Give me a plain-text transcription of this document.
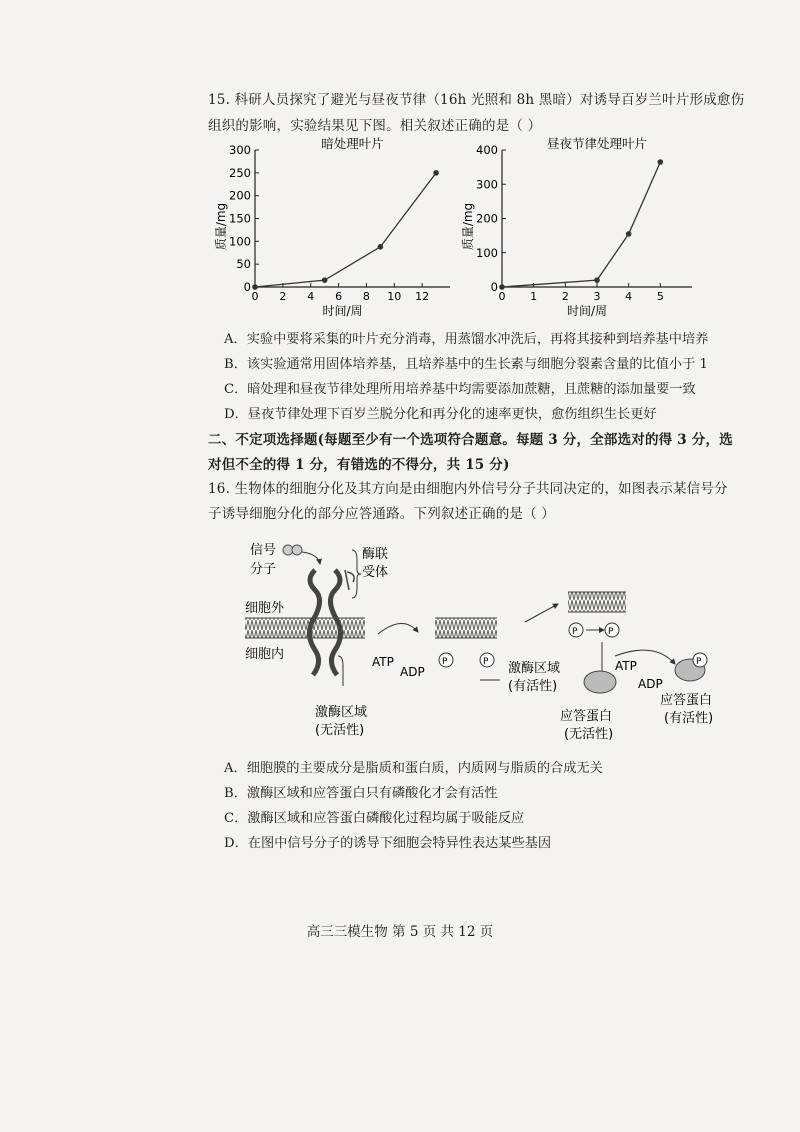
15. 科研人员探究了避光与昼夜节律（16h 光照和 8h 黑暗）对诱导百岁兰叶片形成愈伤
组织的影响，实验结果见下图。相关叙述正确的是（ ）
暗处理叶片
0
50
100
150
200
250
300
0 2 4 6 8 10 12
时间/周
质量/mg
昼夜节律处理叶片
0
100
200
300
400
0 1 2 3 4 5
时间/周
质量/mg
A．实验中要将采集的叶片充分消毒，用蒸馏水冲洗后，再将其接种到培养基中培养
B．该实验通常用固体培养基，且培养基中的生长素与细胞分裂素含量的比值小于 1
C．暗处理和昼夜节律处理所用培养基中均需要添加蔗糖，且蔗糖的添加量要一致
D．昼夜节律处理下百岁兰脱分化和再分化的速率更快，愈伤组织生长更好
二、不定项选择题(每题至少有一个选项符合题意。每题 3 分，全部选对的得 3 分，选
对但不全的得 1 分，有错选的不得分，共 15 分)
16. 生物体的细胞分化及其方向是由细胞内外信号分子共同决定的，如图表示某信号分
子诱导细胞分化的部分应答通路。下列叙述正确的是（ ）
信号
分子
细胞外
细胞内
酶联
受体
激酶区域
(无活性)
ATP
ADP
P	P 激酶区域
(有活性)
P	P
应答蛋白
(无活性)
ATP
ADP
P
应答蛋白
(有活性)
A．细胞膜的主要成分是脂质和蛋白质，内质网与脂质的合成无关
B．激酶区域和应答蛋白只有磷酸化才会有活性
C．激酶区域和应答蛋白磷酸化过程均属于吸能反应
D．在图中信号分子的诱导下细胞会特异性表达某些基因
高三三模生物 第 5 页 共 12 页
